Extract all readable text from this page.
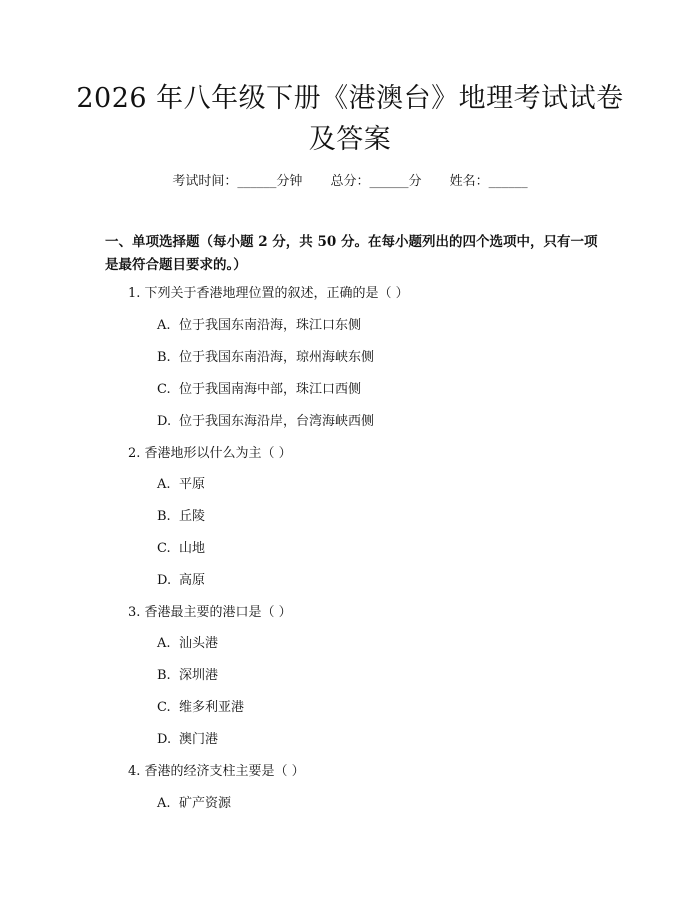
2026 年八年级下册《港澳台》地理考试试卷
及答案
考试时间：______分钟 总分：______分 姓名：______
一、单项选择题（每小题 2 分，共 50 分。在每小题列出的四个选项中，只有一项是最符合题目要求的。）
1. 下列关于香港地理位置的叙述，正确的是（ ）
A. 位于我国东南沿海，珠江口东侧
B. 位于我国东南沿海，琼州海峡东侧
C. 位于我国南海中部，珠江口西侧
D. 位于我国东海沿岸，台湾海峡西侧
2. 香港地形以什么为主（ ）
A. 平原
B. 丘陵
C. 山地
D. 高原
3. 香港最主要的港口是（ ）
A. 汕头港
B. 深圳港
C. 维多利亚港
D. 澳门港
4. 香港的经济支柱主要是（ ）
A. 矿产资源
